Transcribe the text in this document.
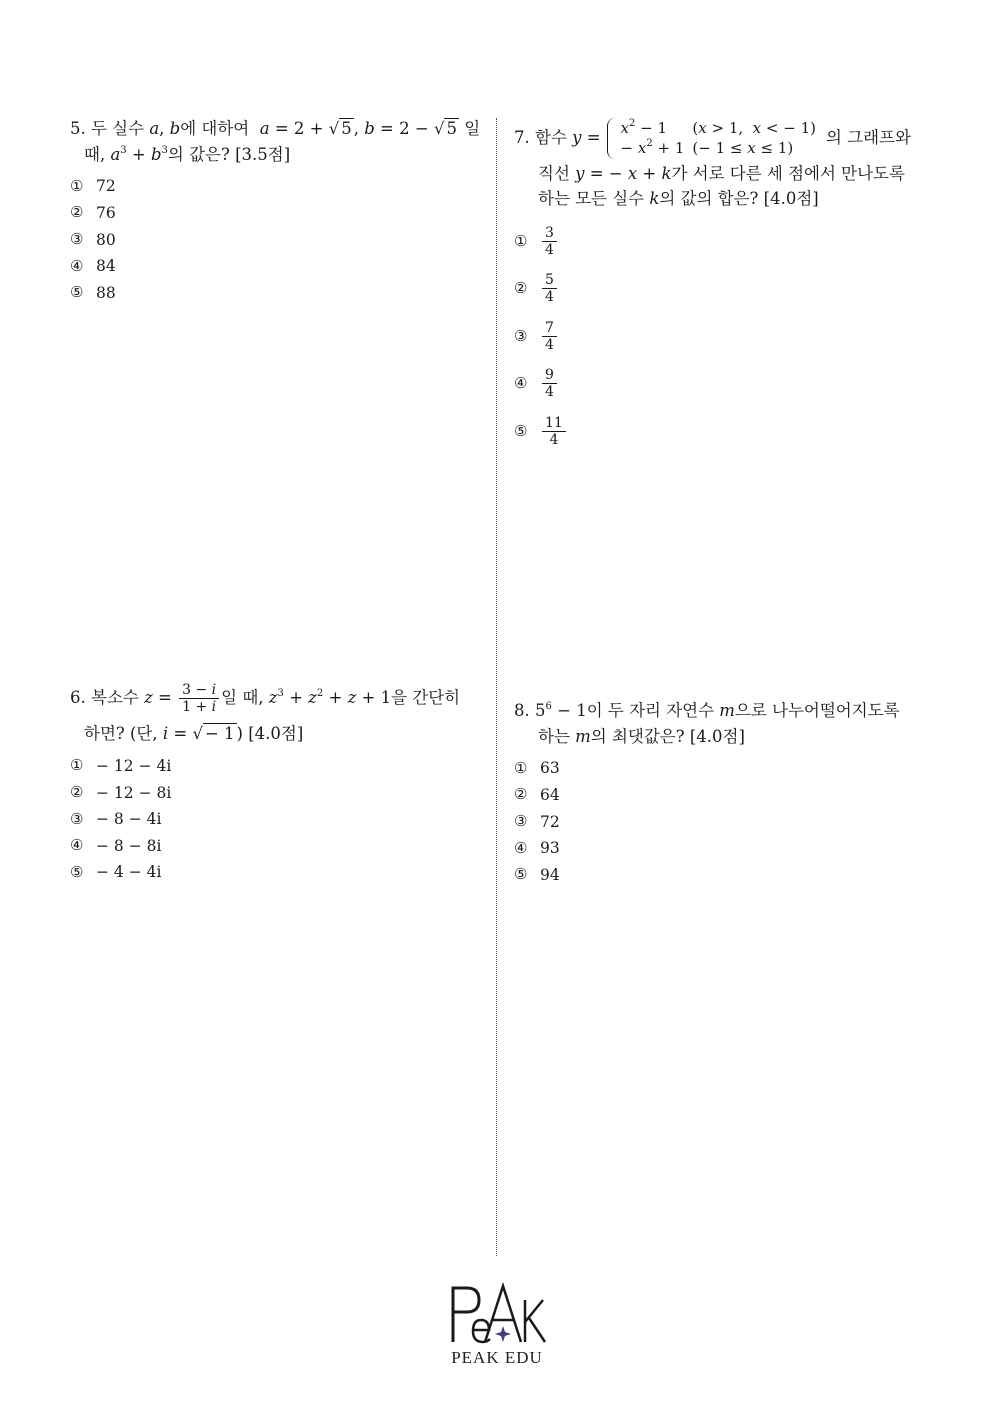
5. 두 실수 a, b에 대하여 a = 2 + √ 5 , b = 2 − √ 5 일
때, $a^3 + b^3$의 값은? [3.5점]
① 72
② 76
③ 80
④ 84
⑤ 88
6. 복소수 $z = \frac{3 - i}{1 + i}$ 일 때, $z^3 + z^2 + z + 1$을 간단히
하면? (단, i = √ − 1 ) [4.0점]
① − 12 − 4i
② − 12 − 8i
③ − 8 − 4i
④ − 8 − 8i
⑤ − 4 − 4i
7.
함수
y =
$x^2 - 1$	(x > 1,  x < − 1)
− $x^2 + 1$	(− 1 ≤ x ≤ 1)
의 그래프와
직선 y = − x + k가 서로 다른 세 점에서 만나도록
하는 모든 실수 k의 값의 합은? [4.0점]
①	$\frac{3}{4}$
②	$\frac{5}{4}$
③	$\frac{7}{4}$
④	$\frac{9}{4}$
⑤	$\frac{11}{4}$
8. $5^6 - 1$이 두 자리 자연수 m으로 나누어떨어지도록
하는 m의 최댓값은? [4.0점]
① 63
② 64
③ 72
④ 93
⑤ 94
PEAK EDU
